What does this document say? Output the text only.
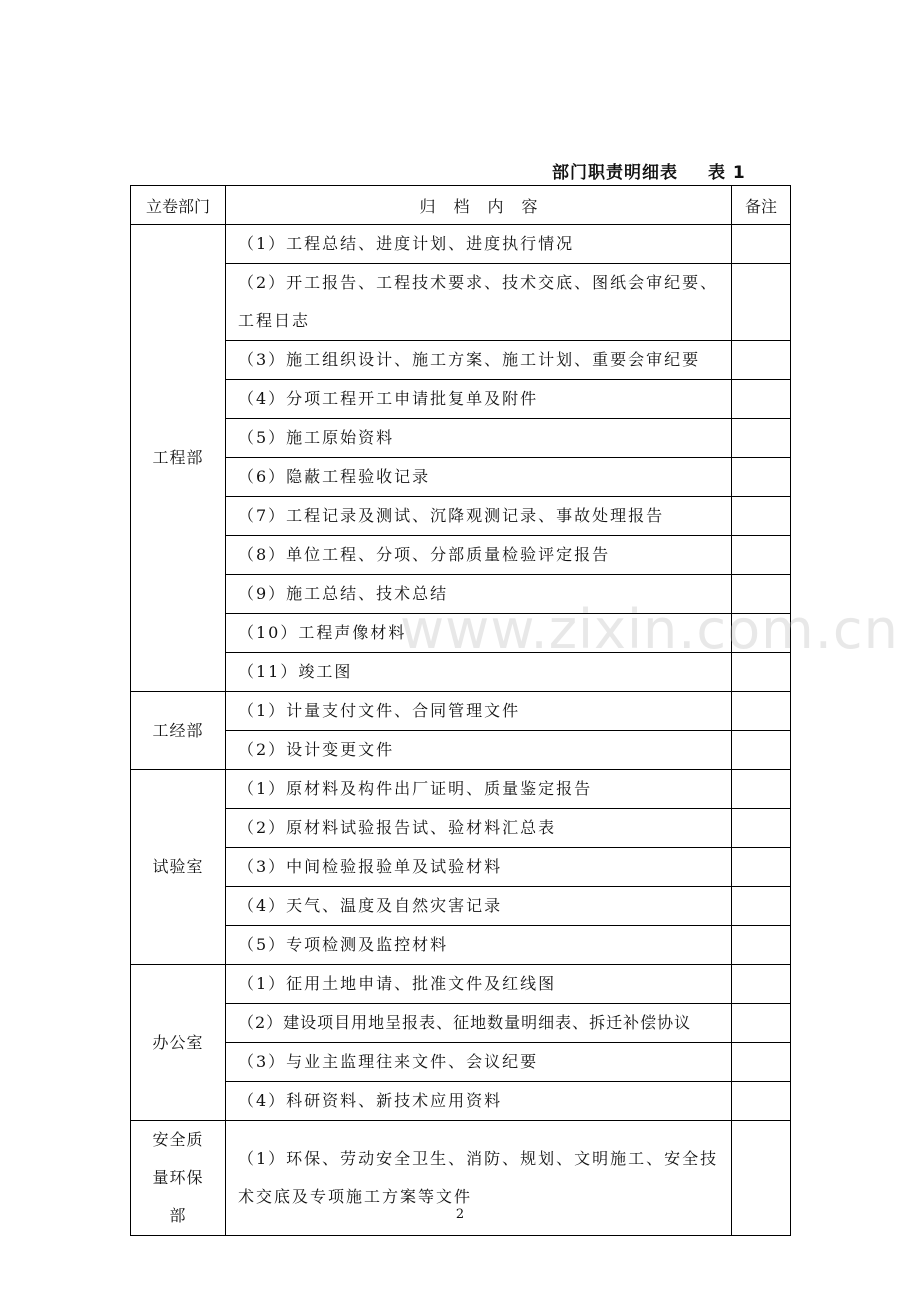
部门职责明细表 表 1
立卷部门	归档内容	备注
工程部	（1）工程总结、进度计划、进度执行情况	
	（2）开工报告、工程技术要求、技术交底、图纸会审纪要、工程日志	
	（3）施工组织设计、施工方案、施工计划、重要会审纪要	
	（4）分项工程开工申请批复单及附件	
	（5）施工原始资料	
	（6）隐蔽工程验收记录	
	（7）工程记录及测试、沉降观测记录、事故处理报告	
	（8）单位工程、分项、分部质量检验评定报告	
	（9）施工总结、技术总结	
	（10）工程声像材料	
	（11）竣工图	
工经部	（1）计量支付文件、合同管理文件	
	（2）设计变更文件	
试验室	（1）原材料及构件出厂证明、质量鉴定报告	
	（2）原材料试验报告试、验材料汇总表	
	（3）中间检验报验单及试验材料	
	（4）天气、温度及自然灾害记录	
	（5）专项检测及监控材料	
办公室	（1）征用土地申请、批准文件及红线图	
	（2）建设项目用地呈报表、征地数量明细表、拆迁补偿协议	
	（3）与业主监理往来文件、会议纪要	
	（4）科研资料、新技术应用资料	
安全质量环保部	（1）环保、劳动安全卫生、消防、规划、文明施工、安全技术交底及专项施工方案等文件	
www.zixin.com.cn
2
